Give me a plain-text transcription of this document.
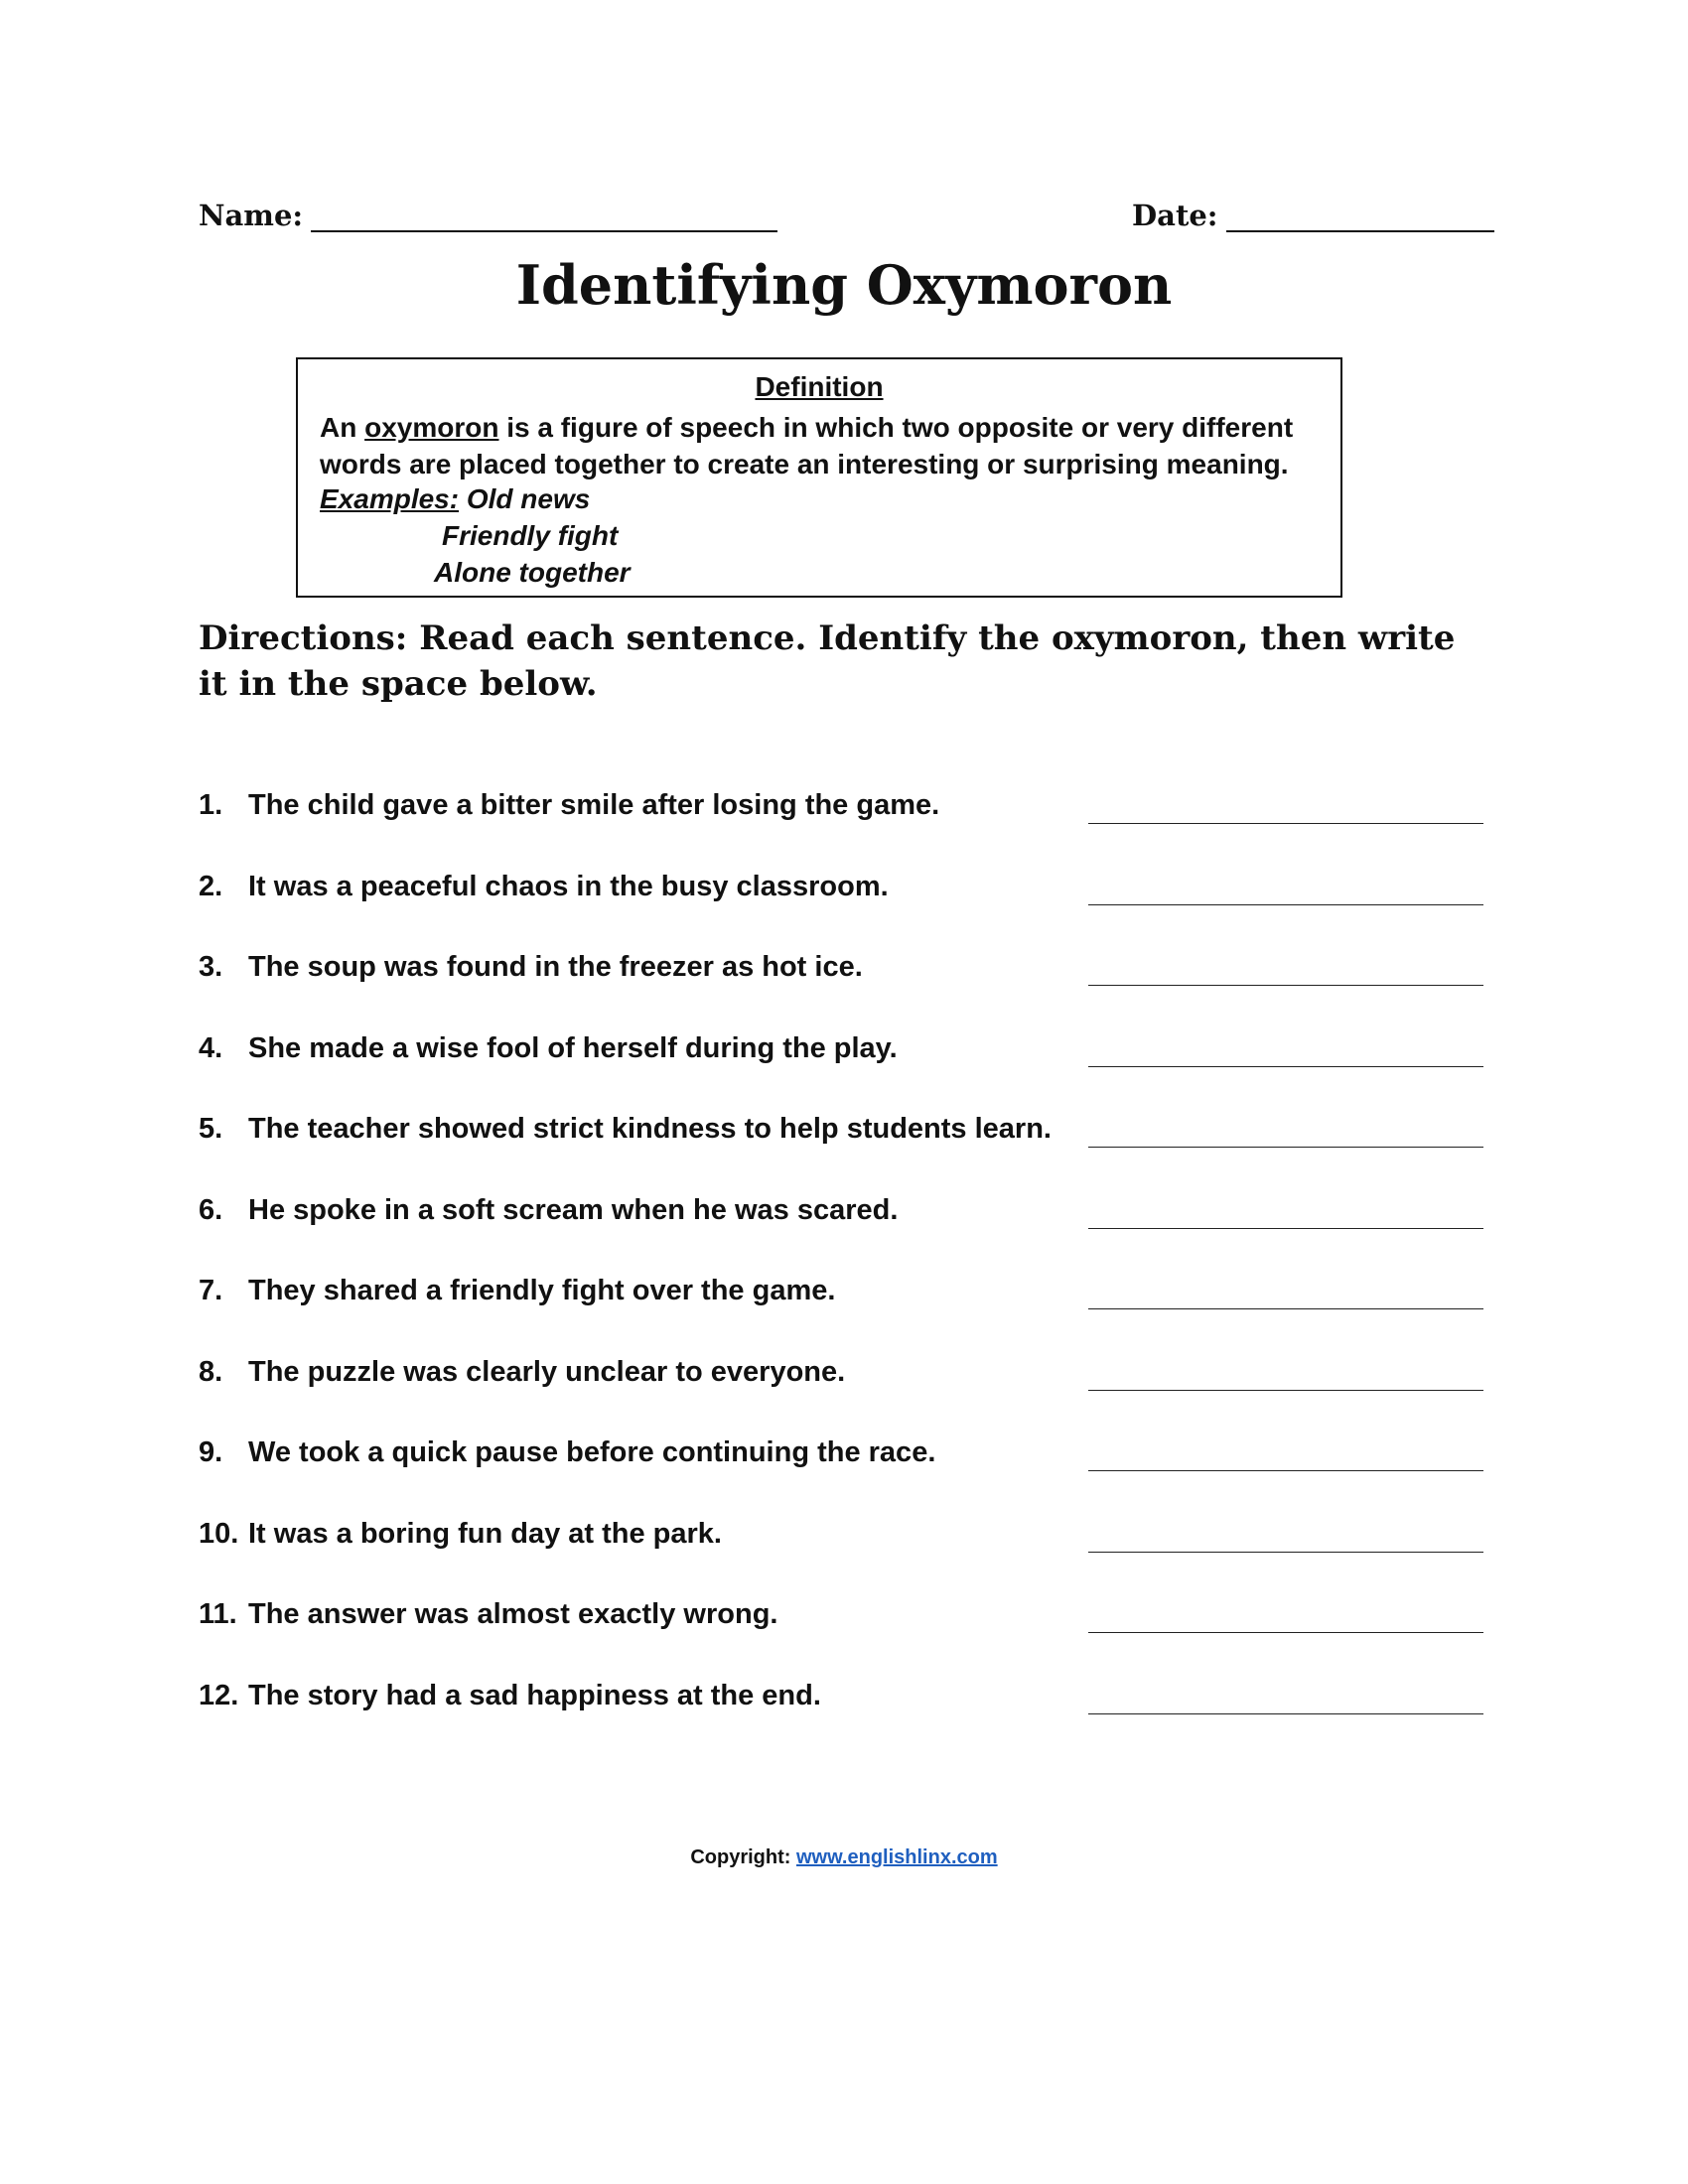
Name:	Date:
Identifying Oxymoron
Definition
An oxymoron is a figure of speech in which two opposite or very different words are placed together to create an interesting or surprising meaning.
Examples: Old news
Friendly fight
Alone together
Directions: Read each sentence. Identify the oxymoron, then write it in the space below.
1. The child gave a bitter smile after losing the game.
2. It was a peaceful chaos in the busy classroom.
3. The soup was found in the freezer as hot ice.
4. She made a wise fool of herself during the play.
5. The teacher showed strict kindness to help students learn.
6. He spoke in a soft scream when he was scared.
7. They shared a friendly fight over the game.
8. The puzzle was clearly unclear to everyone.
9. We took a quick pause before continuing the race.
10. It was a boring fun day at the park.
11. The answer was almost exactly wrong.
12. The story had a sad happiness at the end.
Copyright: www.englishlinx.com
